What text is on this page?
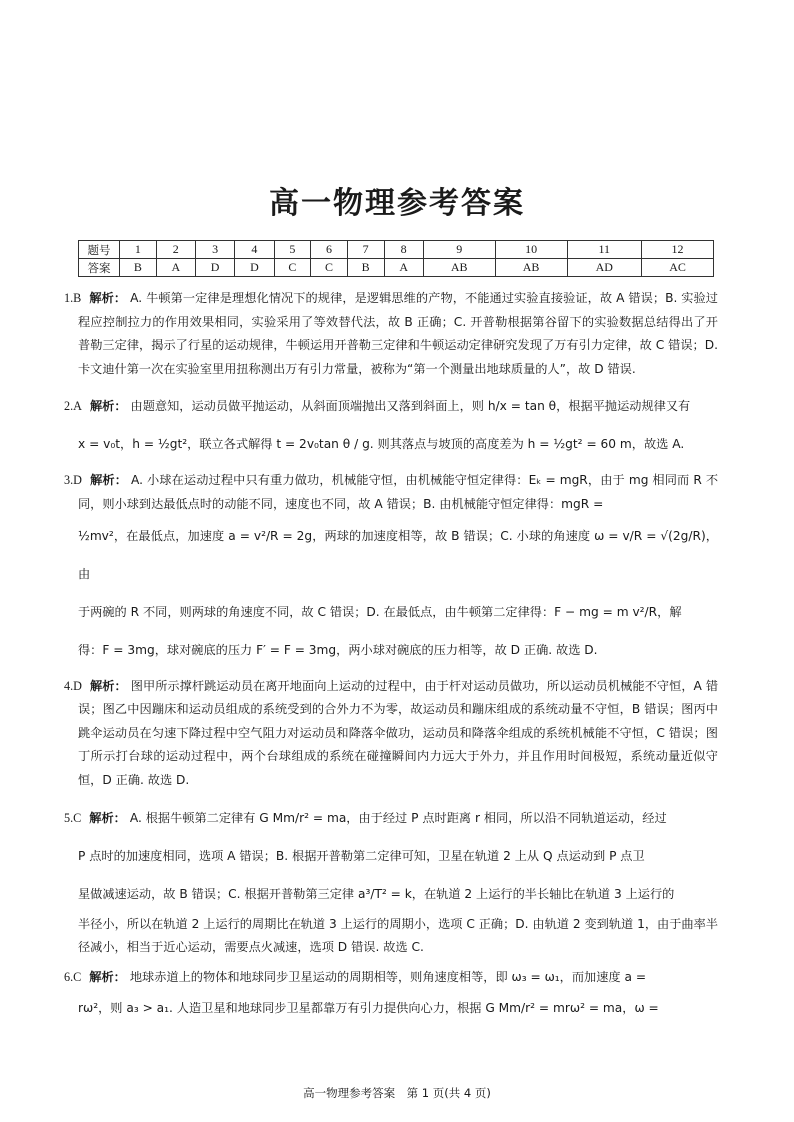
高一物理参考答案
题号	1	2	3	4	5	6	7	8	9	10	11	12
答案	B	A	D	D	C	C	B	A	AB	AB	AD	AC

1.B 解析： A. 牛顿第一定律是理想化情况下的规律，是逻辑思维的产物，不能通过实验直接验证，故 A 错误；B. 实验过程应控制拉力的作用效果相同，实验采用了等效替代法，故 B 正确；C. 开普勒根据第谷留下的实验数据总结得出了开普勒三定律，揭示了行星的运动规律，牛顿运用开普勒三定律和牛顿运动定律研究发现了万有引力定律，故 C 错误；D. 卡文迪什第一次在实验室里用扭称测出万有引力常量，被称为“第一个测量出地球质量的人”，故 D 错误.

2.A 解析： 由题意知，运动员做平抛运动，从斜面顶端抛出又落到斜面上，则 h/x = tan θ，根据平抛运动规律又有

x = v₀t，h = ½gt²，联立各式解得 t = 2v₀tan θ / g. 则其落点与坡顶的高度差为 h = ½gt² = 60 m，故选 A.

3.D 解析： A. 小球在运动过程中只有重力做功，机械能守恒，由机械能守恒定律得：Eₖ = mgR，由于 mg 相同而 R 不同，则小球到达最低点时的动能不同，速度也不同，故 A 错误；B. 由机械能守恒定律得：mgR =

½mv²，在最低点，加速度 a = v²/R = 2g，两球的加速度相等，故 B 错误；C. 小球的角速度 ω = v/R = √(2g/R)，由

于两碗的 R 不同，则两球的角速度不同，故 C 错误；D. 在最低点，由牛顿第二定律得：F − mg = m v²/R，解

得：F = 3mg，球对碗底的压力 F′ = F = 3mg，两小球对碗底的压力相等，故 D 正确. 故选 D.

4.D 解析： 图甲所示撑杆跳运动员在离开地面向上运动的过程中，由于杆对运动员做功，所以运动员机械能不守恒，A 错误；图乙中因蹦床和运动员组成的系统受到的合外力不为零，故运动员和蹦床组成的系统动量不守恒，B 错误；图丙中跳伞运动员在匀速下降过程中空气阻力对运动员和降落伞做功，运动员和降落伞组成的系统机械能不守恒，C 错误；图丁所示打台球的运动过程中，两个台球组成的系统在碰撞瞬间内力远大于外力，并且作用时间极短，系统动量近似守恒，D 正确. 故选 D.

5.C 解析： A. 根据牛顿第二定律有 G Mm/r² = ma，由于经过 P 点时距离 r 相同，所以沿不同轨道运动，经过

P 点时的加速度相同，选项 A 错误；B. 根据开普勒第二定律可知，卫星在轨道 2 上从 Q 点运动到 P 点卫

星做减速运动，故 B 错误；C. 根据开普勒第三定律 a³/T² = k，在轨道 2 上运行的半长轴比在轨道 3 上运行的

半径小，所以在轨道 2 上运行的周期比在轨道 3 上运行的周期小，选项 C 正确；D. 由轨道 2 变到轨道 1，由于曲率半径减小，相当于近心运动，需要点火减速，选项 D 错误. 故选 C.

6.C 解析： 地球赤道上的物体和地球同步卫星运动的周期相等，则角速度相等，即 ω₃ = ω₁，而加速度 a =

rω²，则 a₃ > a₁. 人造卫星和地球同步卫星都靠万有引力提供向心力，根据 G Mm/r² = mrω² = ma，ω =

高一物理参考答案　第 1 页(共 4 页)
